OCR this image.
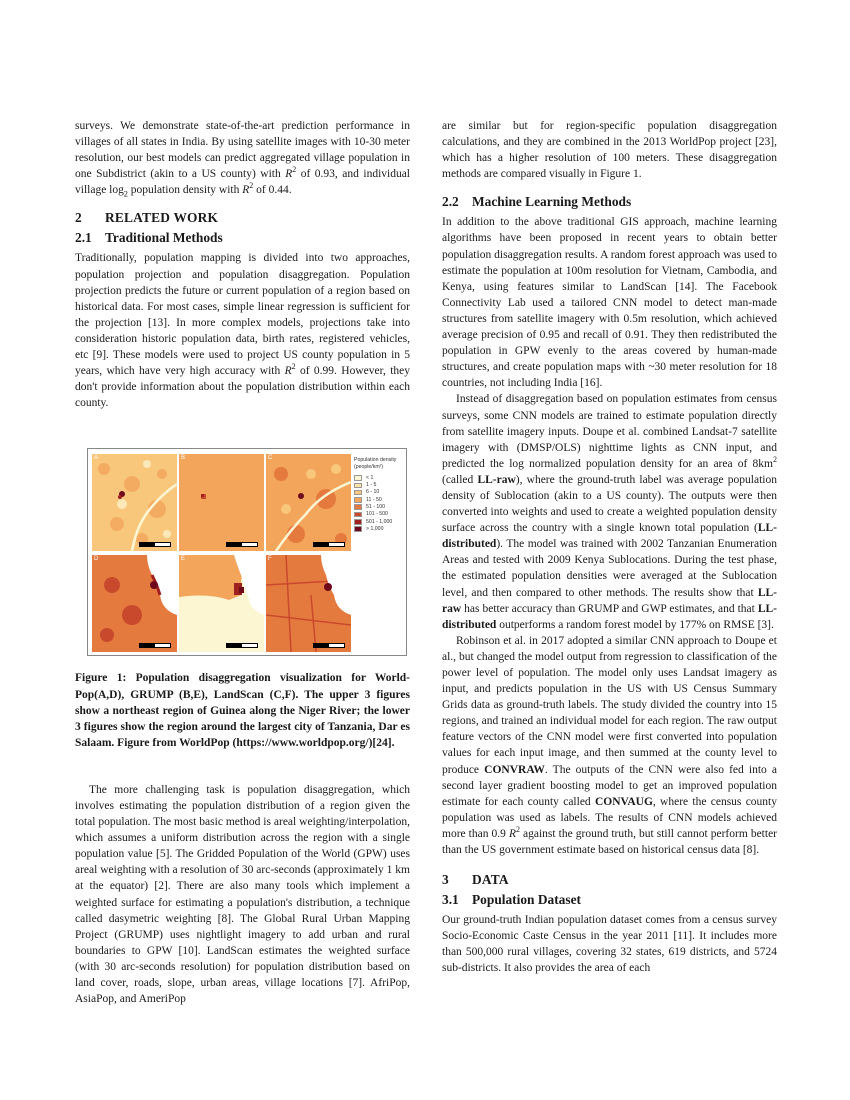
surveys. We demonstrate state-of-the-art prediction performance in villages of all states in India. By using satellite images with 10-30 meter resolution, our best models can predict aggregated village population in one Subdistrict (akin to a US county) with $R^2$ of 0.93, and individual village $\log_2$ population density with $R^2$ of 0.44.

2 RELATED WORK
2.1 Traditional Methods

Traditionally, population mapping is divided into two approaches, population projection and population disaggregation. Population projection predicts the future or current population of a region based on historical data. For most cases, simple linear regression is sufficient for the projection [13]. In more complex models, projections take into consideration historic population data, birth rates, registered vehicles, etc [9]. These models were used to project US county population in 5 years, which have very high accuracy with $R^2$ of 0.99. However, they don't provide information about the population distribution within each county.

A	B	C
D	E	F
Population density (people/km²)
< 1
1 - 5
6 - 10
11 - 50
51 - 100
101 - 500
501 - 1,000
> 1,000

Figure 1: Population disaggregation visualization for World-Pop(A,D), GRUMP (B,E), LandScan (C,F). The upper 3 figures show a northeast region of Guinea along the Niger River; the lower 3 figures show the region around the largest city of Tanzania, Dar es Salaam. Figure from WorldPop (https://www.worldpop.org/)[24].

The more challenging task is population disaggregation, which involves estimating the population distribution of a region given the total population. The most basic method is areal weighting/interpolation, which assumes a uniform distribution across the region with a single population value [5]. The Gridded Population of the World (GPW) uses areal weighting with a resolution of 30 arc-seconds (approximately 1 km at the equator) [2]. There are also many tools which implement a weighted surface for estimating a population's distribution, a technique called dasymetric weighting [8]. The Global Rural Urban Mapping Project (GRUMP) uses nightlight imagery to add urban and rural boundaries to GPW [10]. LandScan estimates the weighted surface (with 30 arc-seconds resolution) for population distribution based on land cover, roads, slope, urban areas, village locations [7]. AfriPop, AsiaPop, and AmeriPop

are similar but for region-specific population disaggregation calculations, and they are combined in the 2013 WorldPop project [23], which has a higher resolution of 100 meters. These disaggregation methods are compared visually in Figure 1.

2.2 Machine Learning Methods

In addition to the above traditional GIS approach, machine learning algorithms have been proposed in recent years to obtain better population disaggregation results. A random forest approach was used to estimate the population at 100m resolution for Vietnam, Cambodia, and Kenya, using features similar to LandScan [14]. The Facebook Connectivity Lab used a tailored CNN model to detect man-made structures from satellite imagery with 0.5m resolution, which achieved average precision of 0.95 and recall of 0.91. They then redistributed the population in GPW evenly to the areas covered by human-made structures, and create population maps with ~30 meter resolution for 18 countries, not including India [16].

Instead of disaggregation based on population estimates from census surveys, some CNN models are trained to estimate population directly from satellite imagery inputs. Doupe et al. combined Landsat-7 satellite imagery with (DMSP/OLS) nighttime lights as CNN input, and predicted the log normalized population density for an area of $8km^2$ (called LL-raw), where the ground-truth label was average population density of Sublocation (akin to a US county). The outputs were then converted into weights and used to create a weighted population density surface across the country with a single known total population (LL-distributed). The model was trained with 2002 Tanzanian Enumeration Areas and tested with 2009 Kenya Sublocations. During the test phase, the estimated population densities were averaged at the Sublocation level, and then compared to other methods. The results show that LL-raw has better accuracy than GRUMP and GWP estimates, and that LL-distributed outperforms a random forest model by 177% on RMSE [3].

Robinson et al. in 2017 adopted a similar CNN approach to Doupe et al., but changed the model output from regression to classification of the power level of population. The model only uses Landsat imagery as input, and predicts population in the US with US Census Summary Grids data as ground-truth labels. The study divided the country into 15 regions, and trained an individual model for each region. The raw output feature vectors of the CNN model were first converted into population values for each input image, and then summed at the county level to produce CONVRAW. The outputs of the CNN were also fed into a second layer gradient boosting model to get an improved population estimate for each county called CONVAUG, where the census county population was used as labels. The results of CNN models achieved more than 0.9 $R^2$ against the ground truth, but still cannot perform better than the US government estimate based on historical census data [8].

3 DATA
3.1 Population Dataset

Our ground-truth Indian population dataset comes from a census survey Socio-Economic Caste Census in the year 2011 [11]. It includes more than 500,000 rural villages, covering 32 states, 619 districts, and 5724 sub-districts. It also provides the area of each
